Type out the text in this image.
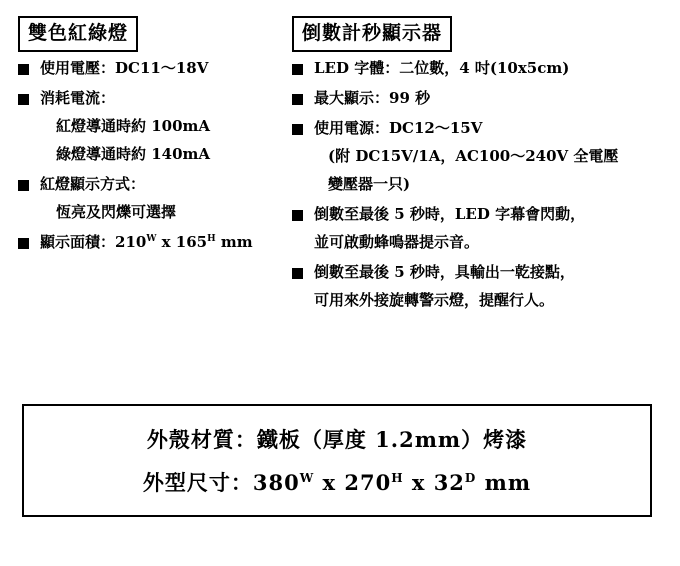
雙色紅綠燈	倒數計秒顯示器
使用電壓：DC11～18V
消耗電流：
紅燈導通時約 100mA
綠燈導通時約 140mA
紅燈顯示方式：
恆亮及閃爍可選擇
顯示面積：$210^W$ x $165^H$ mm
LED 字體：二位數，4 吋(10x5cm)
最大顯示：99 秒
使用電源：DC12～15V
(附 DC15V/1A，AC100～240V 全電壓
變壓器一只)
倒數至最後 5 秒時，LED 字幕會閃動，
並可啟動蜂鳴器提示音。
倒數至最後 5 秒時，具輸出一乾接點，
可用來外接旋轉警示燈，提醒行人。
外殼材質：鐵板（厚度 1.2mm）烤漆
外型尺寸：$380^W$ x $270^H$ x $32^D$ mm
